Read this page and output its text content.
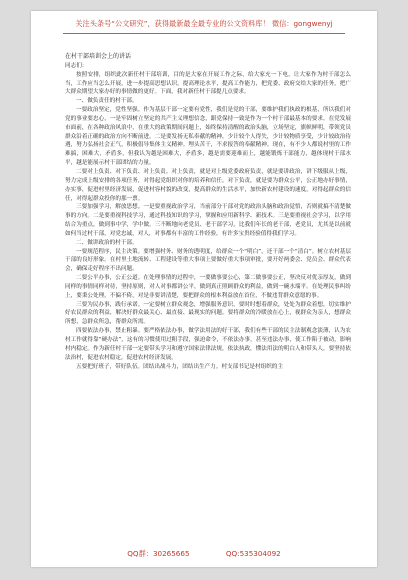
关注头条号“公文研究”，获得最新最全最专业的公文资料库！ 微信：gongwenyj

在村干部培训会上的讲话

同志们：

按照安排，组织此次新任村干部培训，目的是大家在开展工作之际，给大家充一下电，让大家作为村干部怎么当，工作应当怎么开展，进一步提高思想认识，提高理论水平，提高工作能力，把党委、政府交给大家的任务，把广大群众期望大家办好的事情做的更好。下面，我对新任村干部提几点要求。

一、做负责任的村干部。

一要政治坚定，党性坚强。作为基层干部一定要有党性，我们是党的干部，要维护我们执政的根基，所以我们对党的事业要忠心，一是牢固树立坚定的共产主义理想信念，跟党保持一致是作为一个村干部最基本的要求。在党发展市面前，在各种政治风浪中，在重大的政策期间问题上，始终保持清醒的政治头脑，立场坚定，旗帜鲜明，带领党员群众沿着正确的政治方向不断前进。二是要发扬无私奉献的精神，少计较个人得失，少计较物质享受，少计较政治待遇，努力弘扬社会正气，积极倡导集体主义精神。埋头苦干，不求报答的奉献精神。现在，有不少人都说村里的工作难搞，困难大，矛盾多，但我认为越是困难大，矛盾多，越是需要迎难而上，越能锻炼干部能力，越体现村干部水平，越是能展示村干部团结的力量。

二要对上负责、对下负责、对上负责。对上负责，就是对上级党委政府负责，就是要讲政治，讲下级服从上级，努力完成上级安排的各项任务，对得起党组织对你的培养和信任。对下负责，就是要为群众公平，公正地办好事情，办实事，促进村里经济发展，促进村容村貌的改变，提高群众的生活水平，加快新农村建设的速度，对得起群众的信任，对得起群众投你的那一票。

三要加强学习，解放思想。一是要重视政治学习，当前部分干部对党的政治头脑和政治觉悟，否则就搞不清楚做事的方向。二是要重视科技学习，通过科技知识的学习，掌握和应用新科学、新技术。三是要重视社会学习，以学用结合为重点，做到事中学，学中做。三不断地向老党员、老干部学习，比我们年长的老干部，老党员，尤其是以前就如何当过村干部，对党忠诚，对人，对事都有丰富的工作经验，有许多宝贵经验值得我们学习。

二、做讲政治的村干部。

一要规范程序，民主决策。要增强村务、财务的透明度，给群众一个“明白”，还干部一个“清白”。树立农村基层干部的良好形象。在村里土地流转、工程建设等重大事项上要做好重大事项审批，要开好两委会、党员会、群众代表会，确保走好程序不出问题。

二要公平办事，公正公道。在处理事情的过程中，一要做事要公心，第二做事要公正，坚决反对优亲厚友，做到同样的事情同样对待，坚持原则，对人对事都讲公平，做到真正照顾群众的利益，做到一碗水端平。在处理民事纠纷上，要秉公处理，不偏不倚，对是非要讲清楚，要把群众的根本利益放在首位，不做违背群众意愿的事。

三要为民办事，践行承诺。一定要树立群众观念，增强服务意识，要时时想着群众，处处为群众着想，切实维护好农民群众的利益，解决好群众最关心、最直接、最现实的问题。要将群众的冷暖放在心上，视群众为亲人，想群众所想，急群众所急，帮群众所需。

四要依法办事，禁止粗暴。要严格依法办事，做学法用法的好干部，我们有些干部的民主法制观念淡薄，认为农村工作就得靠“硬办法”，这有的习惯使用过粗手段，强迫命令，不依法办事，甚至违法办事，使工作陷于被动，影响村内稳定。作为新任村干部一定要带头学习和遵守国家法律法规，依法执政，懂法用法的明白人和带头人，要坚持依法治村，促进农村稳定，促进农村经济发展。

五要把好班子，带好队伍。团结出战斗力，团结出生产力。村支部书记是村组织的主

QQ群：30265665	QQ:535304092
